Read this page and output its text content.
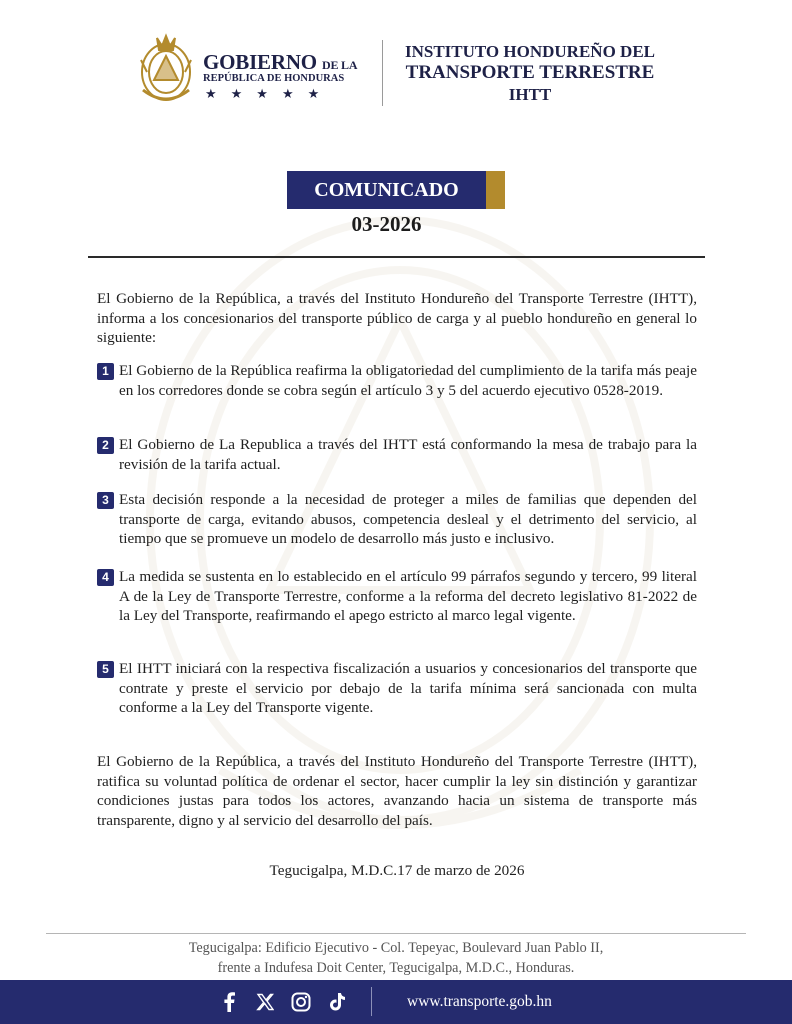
GOBIERNO DE LA
REPÚBLICA DE HONDURAS
★★★★★
INSTITUTO HONDUREÑO DEL
TRANSPORTE TERRESTRE
IHTT
COMUNICADO
03-2026
El Gobierno de la República, a través del Instituto Hondureño del Transporte Terrestre (IHTT), informa a los concesionarios del transporte público de carga y al pueblo hondureño en general lo siguiente:
1 El Gobierno de la República reafirma la obligatoriedad del cumplimiento de la tarifa más peaje en los corredores donde se cobra según el artículo 3 y 5 del acuerdo ejecutivo 0528-2019.
2 El Gobierno de La Republica a través del IHTT está conformando la mesa de trabajo para la revisión de la tarifa actual.
3 Esta decisión responde a la necesidad de proteger a miles de familias que dependen del transporte de carga, evitando abusos, competencia desleal y el detrimento del servicio, al tiempo que se promueve un modelo de desarrollo más justo e inclusivo.
4 La medida se sustenta en lo establecido en el artículo 99 párrafos segundo y tercero, 99 literal A de la Ley de Transporte Terrestre, conforme a la reforma del decreto legislativo 81-2022 de la Ley del Transporte, reafirmando el apego estricto al marco legal vigente.
5 El IHTT iniciará con la respectiva fiscalización a usuarios y concesionarios del transporte que contrate y preste el servicio por debajo de la tarifa mínima será sancionada con multa conforme a la Ley del Transporte vigente.
El Gobierno de la República, a través del Instituto Hondureño del Transporte Terrestre (IHTT), ratifica su voluntad política de ordenar el sector, hacer cumplir la ley sin distinción y garantizar condiciones justas para todos los actores, avanzando hacia un sistema de transporte más transparente, digno y al servicio del desarrollo del país.
Tegucigalpa, M.D.C.17 de marzo de 2026
Tegucigalpa: Edificio Ejecutivo - Col. Tepeyac, Boulevard Juan Pablo II,
frente a Indufesa Doit Center, Tegucigalpa, M.D.C., Honduras.
www.transporte.gob.hn
